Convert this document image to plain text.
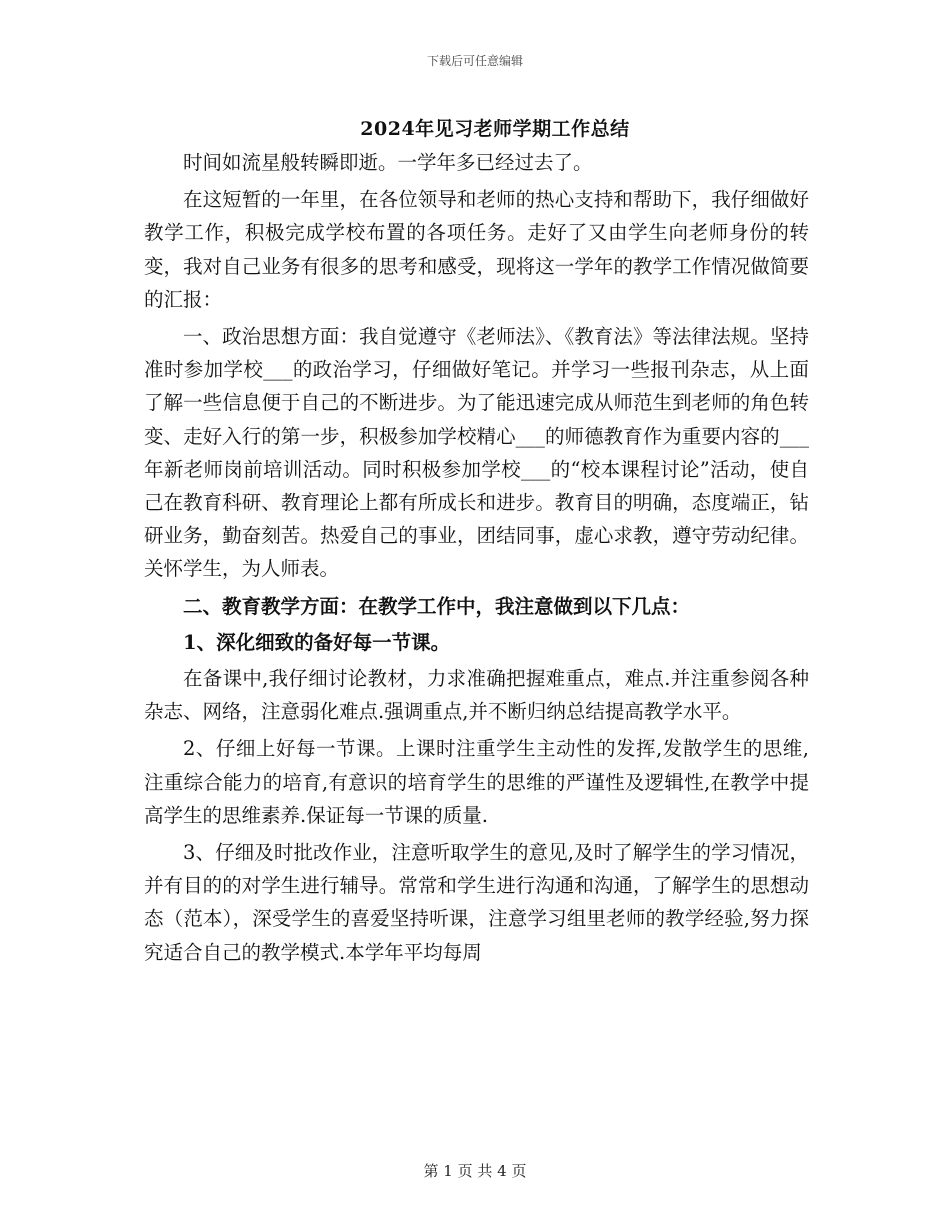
下载后可任意编辑
2024年见习老师学期工作总结

时间如流星般转瞬即逝。一学年多已经过去了。

在这短暂的一年里，在各位领导和老师的热心支持和帮助下，我仔细做好教学工作，积极完成学校布置的各项任务。走好了又由学生向老师身份的转变，我对自己业务有很多的思考和感受，现将这一学年的教学工作情况做简要的汇报：

一、政治思想方面：我自觉遵守《老师法》、《教育法》等法律法规。坚持准时参加学校___的政治学习，仔细做好笔记。并学习一些报刊杂志，从上面了解一些信息便于自己的不断进步。为了能迅速完成从师范生到老师的角色转变、走好入行的第一步，积极参加学校精心___的师德教育作为重要内容的___年新老师岗前培训活动。同时积极参加学校___的“校本课程讨论”活动，使自己在教育科研、教育理论上都有所成长和进步。教育目的明确，态度端正，钻研业务，勤奋刻苦。热爱自己的事业，团结同事，虚心求教，遵守劳动纪律。关怀学生，为人师表。

二、教育教学方面：在教学工作中，我注意做到以下几点：

1、深化细致的备好每一节课。

在备课中,我仔细讨论教材，力求准确把握难重点，难点.并注重参阅各种杂志、网络，注意弱化难点.强调重点,并不断归纳总结提高教学水平。

2、仔细上好每一节课。上课时注重学生主动性的发挥,发散学生的思维,注重综合能力的培育,有意识的培育学生的思维的严谨性及逻辑性,在教学中提高学生的思维素养.保证每一节课的质量.

3、仔细及时批改作业，注意听取学生的意见,及时了解学生的学习情况，并有目的的对学生进行辅导。常常和学生进行沟通和沟通，了解学生的思想动态（范本），深受学生的喜爱坚持听课，注意学习组里老师的教学经验,努力探究适合自己的教学模式.本学年平均每周

第 1 页 共 4 页
